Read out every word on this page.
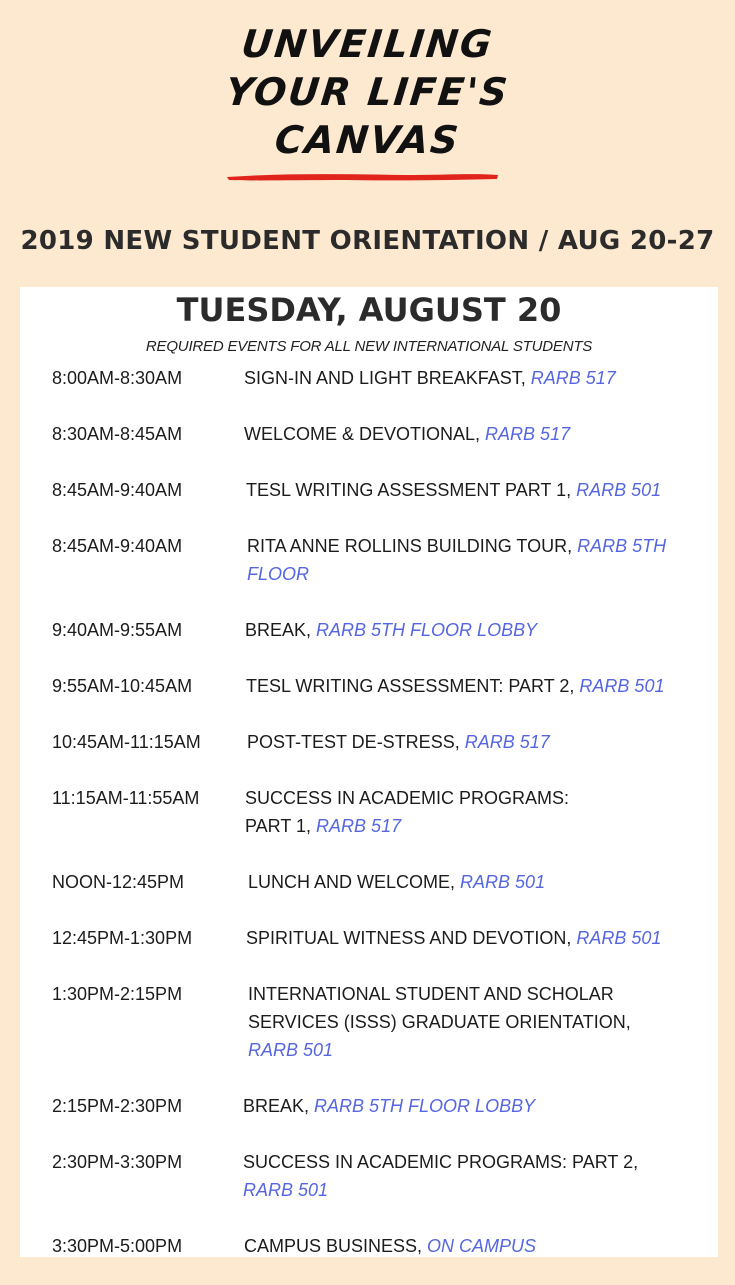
UNVEILING
YOUR LIFE'S
CANVAS
2019 NEW STUDENT ORIENTATION / AUG 20-27
TUESDAY, AUGUST 20
REQUIRED EVENTS FOR ALL NEW INTERNATIONAL STUDENTS
8:00AM-8:30AM	SIGN-IN AND LIGHT BREAKFAST, RARB 517
8:30AM-8:45AM	WELCOME & DEVOTIONAL, RARB 517
8:45AM-9:40AM	TESL WRITING ASSESSMENT PART 1, RARB 501
8:45AM-9:40AM	RITA ANNE ROLLINS BUILDING TOUR, RARB 5TH FLOOR
9:40AM-9:55AM	BREAK, RARB 5TH FLOOR LOBBY
9:55AM-10:45AM	TESL WRITING ASSESSMENT: PART 2, RARB 501
10:45AM-11:15AM	POST-TEST DE-STRESS, RARB 517
11:15AM-11:55AM	SUCCESS IN ACADEMIC PROGRAMS: PART 1, RARB 517
NOON-12:45PM	LUNCH AND WELCOME, RARB 501
12:45PM-1:30PM	SPIRITUAL WITNESS AND DEVOTION, RARB 501
1:30PM-2:15PM	INTERNATIONAL STUDENT AND SCHOLAR SERVICES (ISSS) GRADUATE ORIENTATION, RARB 501
2:15PM-2:30PM	BREAK, RARB 5TH FLOOR LOBBY
2:30PM-3:30PM	SUCCESS IN ACADEMIC PROGRAMS: PART 2, RARB 501
3:30PM-5:00PM	CAMPUS BUSINESS, ON CAMPUS
